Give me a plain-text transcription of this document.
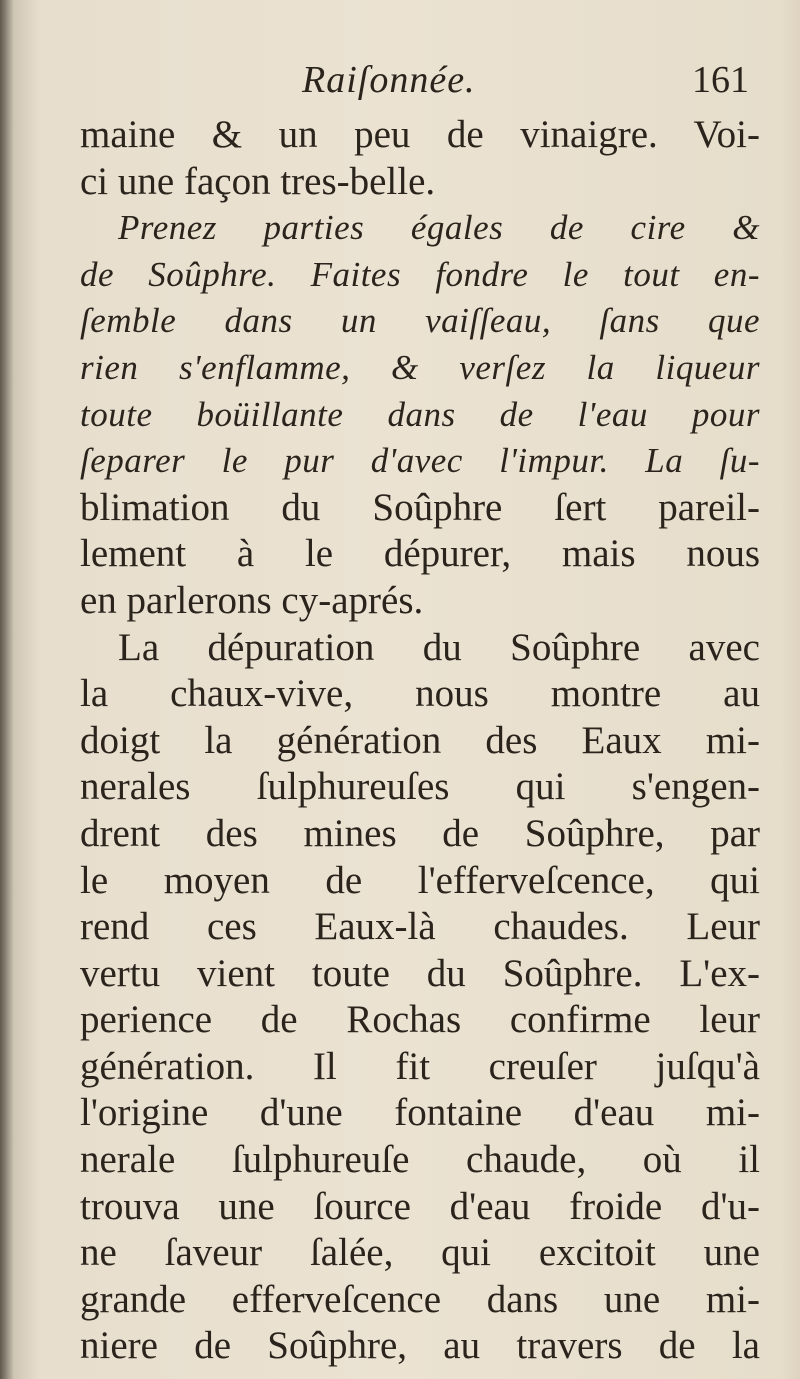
Raiſonnée.	161
maine & un peu de vinaigre. Voi-
ci une façon tres-belle.
Prenez parties égales de cire &
de Soûphre. Faites fondre le tout en-
ſemble dans un vaiſſeau, ſans que
rien s'enflamme, & verſez la liqueur
toute boüillante dans de l'eau pour
ſeparer le pur d'avec l'impur. La ſu-
blimation du Soûphre ſert pareil-
lement à le dépurer, mais nous
en parlerons cy-aprés.
La dépuration du Soûphre avec
la chaux-vive, nous montre au
doigt la génération des Eaux mi-
nerales ſulphureuſes qui s'engen-
drent des mines de Soûphre, par
le moyen de l'efferveſcence, qui
rend ces Eaux-là chaudes. Leur
vertu vient toute du Soûphre. L'ex-
perience de Rochas confirme leur
génération. Il fit creuſer juſqu'à
l'origine d'une fontaine d'eau mi-
nerale ſulphureuſe chaude, où il
trouva une ſource d'eau froide d'u-
ne ſaveur ſalée, qui excitoit une
grande efferveſcence dans une mi-
niere de Soûphre, au travers de la
